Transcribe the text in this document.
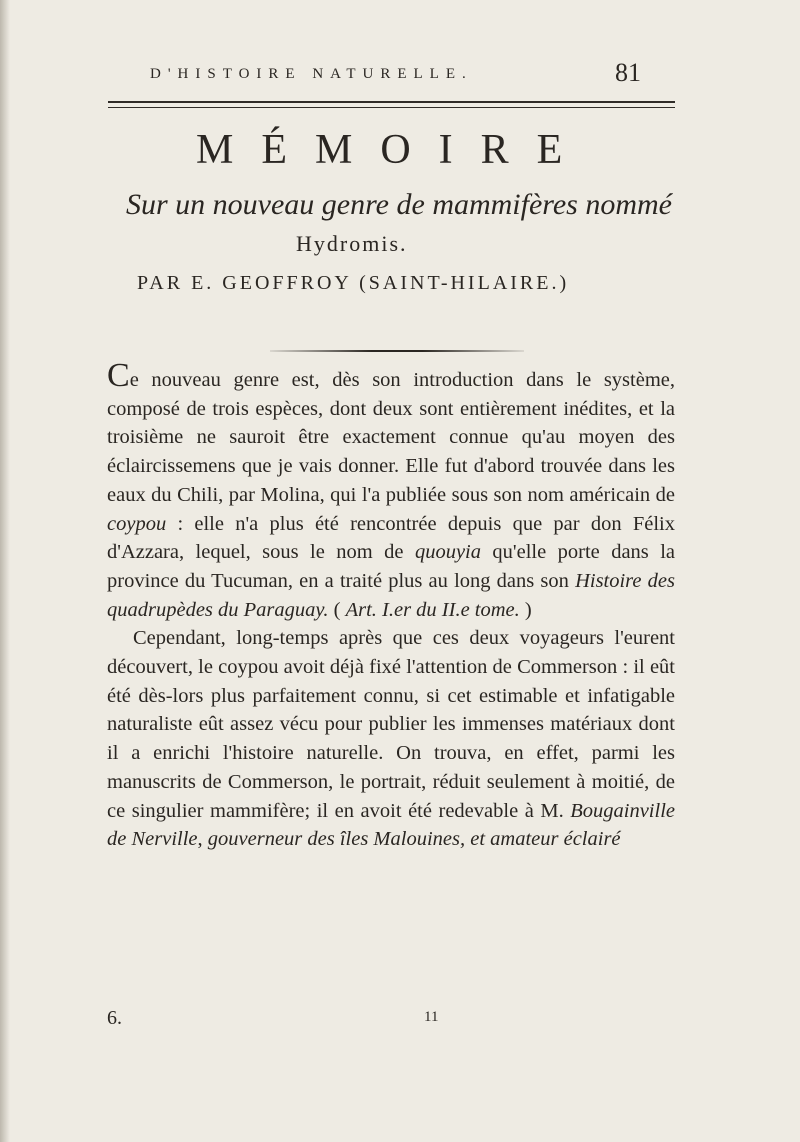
D'HISTOIRE NATURELLE.	81
MÉMOIRE
Sur un nouveau genre de mammifères nommé
Hydromis.
PAR E. GEOFFROY (SAINT-HILAIRE.)

Ce nouveau genre est, dès son introduction dans le système, composé de trois espèces, dont deux sont entièrement inédites, et la troisième ne sauroit être exactement connue qu'au moyen des éclaircissemens que je vais donner. Elle fut d'abord trouvée dans les eaux du Chili, par Molina, qui l'a publiée sous son nom américain de coypou : elle n'a plus été rencontrée depuis que par don Félix d'Azzara, lequel, sous le nom de quouyia qu'elle porte dans la province du Tucuman, en a traité plus au long dans son Histoire des quadrupèdes du Paraguay. ( Art. I.er du II.e tome. )

Cependant, long-temps après que ces deux voyageurs l'eurent découvert, le coypou avoit déjà fixé l'attention de Commerson : il eût été dès-lors plus parfaitement connu, si cet estimable et infatigable naturaliste eût assez vécu pour publier les immenses matériaux dont il a enrichi l'histoire naturelle. On trouva, en effet, parmi les manuscrits de Commerson, le portrait, réduit seulement à moitié, de ce singulier mammifère; il en avoit été redevable à M. Bougainville de Nerville, gouverneur des îles Malouines, et amateur éclairé

6.	11
